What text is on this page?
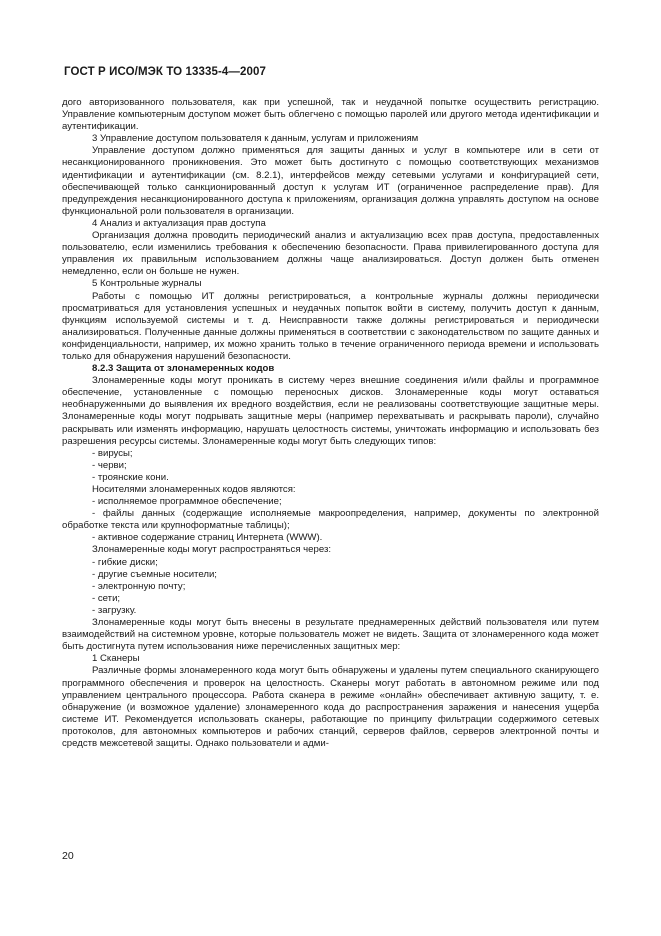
ГОСТ Р ИСО/МЭК ТО 13335-4—2007

дого авторизованного пользователя, как при успешной, так и неудачной попытке осуществить регистрацию. Управление компьютерным доступом может быть облегчено с помощью паролей или другого метода идентификации и аутентификации.

3 Управление доступом пользователя к данным, услугам и приложениям

Управление доступом должно применяться для защиты данных и услуг в компьютере или в сети от несанкционированного проникновения. Это может быть достигнуто с помощью соответствующих механизмов идентификации и аутентификации (см. 8.2.1), интерфейсов между сетевыми услугами и конфигурацией сети, обеспечивающей только санкционированный доступ к услугам ИТ (ограниченное распределение прав). Для предупреждения несанкционированного доступа к приложениям, организация должна управлять доступом на основе функциональной роли пользователя в организации.

4 Анализ и актуализация прав доступа

Организация должна проводить периодический анализ и актуализацию всех прав доступа, предоставленных пользователю, если изменились требования к обеспечению безопасности. Права привилегированного доступа для управления их правильным использованием должны чаще анализироваться. Доступ должен быть отменен немедленно, если он больше не нужен.

5 Контрольные журналы

Работы с помощью ИТ должны регистрироваться, а контрольные журналы должны периодически просматриваться для установления успешных и неудачных попыток войти в систему, получить доступ к данным, функциям используемой системы и т. д. Неисправности также должны регистрироваться и периодически анализироваться. Полученные данные должны применяться в соответствии с законодательством по защите данных и конфиденциальности, например, их можно хранить только в течение ограниченного периода времени и использовать только для обнаружения нарушений безопасности.

8.2.3 Защита от злонамеренных кодов

Злонамеренные коды могут проникать в систему через внешние соединения и/или файлы и программное обеспечение, установленные с помощью переносных дисков. Злонамеренные коды могут оставаться необнаруженными до выявления их вредного воздействия, если не реализованы соответствующие защитные меры. Злонамеренные коды могут подрывать защитные меры (например перехватывать и раскрывать пароли), случайно раскрывать или изменять информацию, нарушать целостность системы, уничтожать информацию и использовать без разрешения ресурсы системы. Злонамеренные коды могут быть следующих типов:

- вирусы;

- черви;

- троянские кони.

Носителями злонамеренных кодов являются:

- исполняемое программное обеспечение;

- файлы данных (содержащие исполняемые макроопределения, например, документы по электронной обработке текста или крупноформатные таблицы);

- активное содержание страниц Интернета (WWW).

Злонамеренные коды могут распространяться через:

- гибкие диски;

- другие съемные носители;

- электронную почту;

- сети;

- загрузку.

Злонамеренные коды могут быть внесены в результате преднамеренных действий пользователя или путем взаимодействий на системном уровне, которые пользователь может не видеть. Защита от злонамеренного кода может быть достигнута путем использования ниже перечисленных защитных мер:

1 Сканеры

Различные формы злонамеренного кода могут быть обнаружены и удалены путем специального сканирующего программного обеспечения и проверок на целостность. Сканеры могут работать в автономном режиме или под управлением центрального процессора. Работа сканера в режиме «онлайн» обеспечивает активную защиту, т. е. обнаружение (и возможное удаление) злонамеренного кода до распространения заражения и нанесения ущерба системе ИТ. Рекомендуется использовать сканеры, работающие по принципу фильтрации содержимого сетевых протоколов, для автономных компьютеров и рабочих станций, серверов файлов, серверов электронной почты и средств межсетевой защиты. Однако пользователи и адми-

20
